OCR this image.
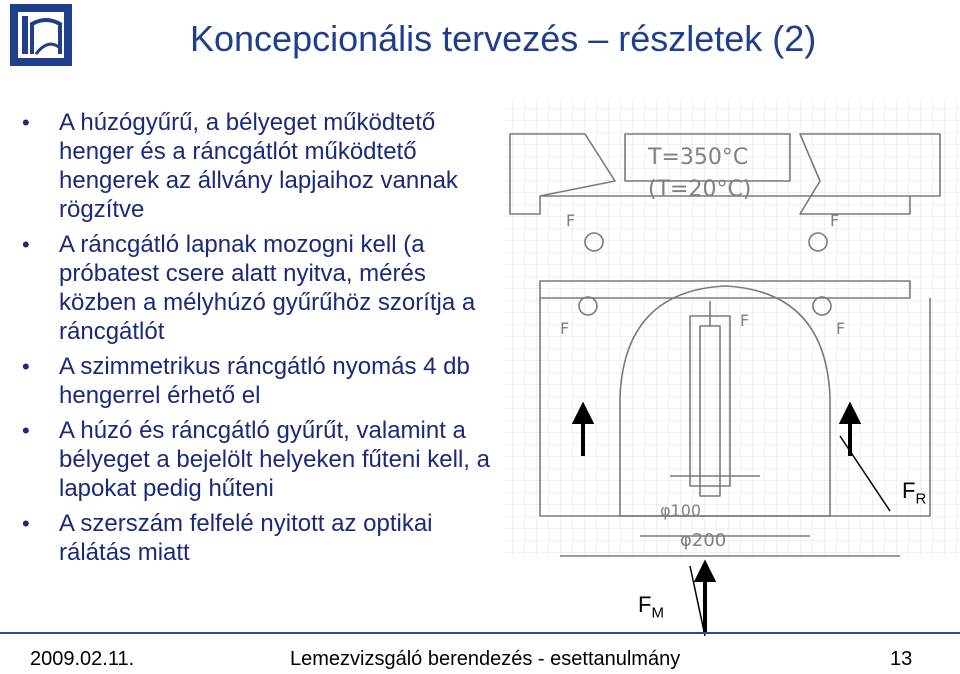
Koncepcionális tervezés – részletek (2)
• A húzógyűrű, a bélyeget működtető henger és a ráncgátlót működtető hengerek az állvány lapjaihoz vannak rögzítve
• A ráncgátló lapnak mozogni kell (a próbatest csere alatt nyitva, mérés közben a mélyhúzó gyűrűhöz szorítja a ráncgátlót
• A szimmetrikus ráncgátló nyomás 4 db hengerrel érhető el
• A húzó és ráncgátló gyűrűt, valamint a bélyeget a bejelölt helyeken fűteni kell, a lapokat pedig hűteni
• A szerszám felfelé nyitott az optikai rálátás miatt
T=350°C
(T=20°C)
φ100
φ200
F	F
F	F
F
$F_M$
$F_R$
2009.02.11.	Lemezvizsgáló berendezés - esettanulmány	13
